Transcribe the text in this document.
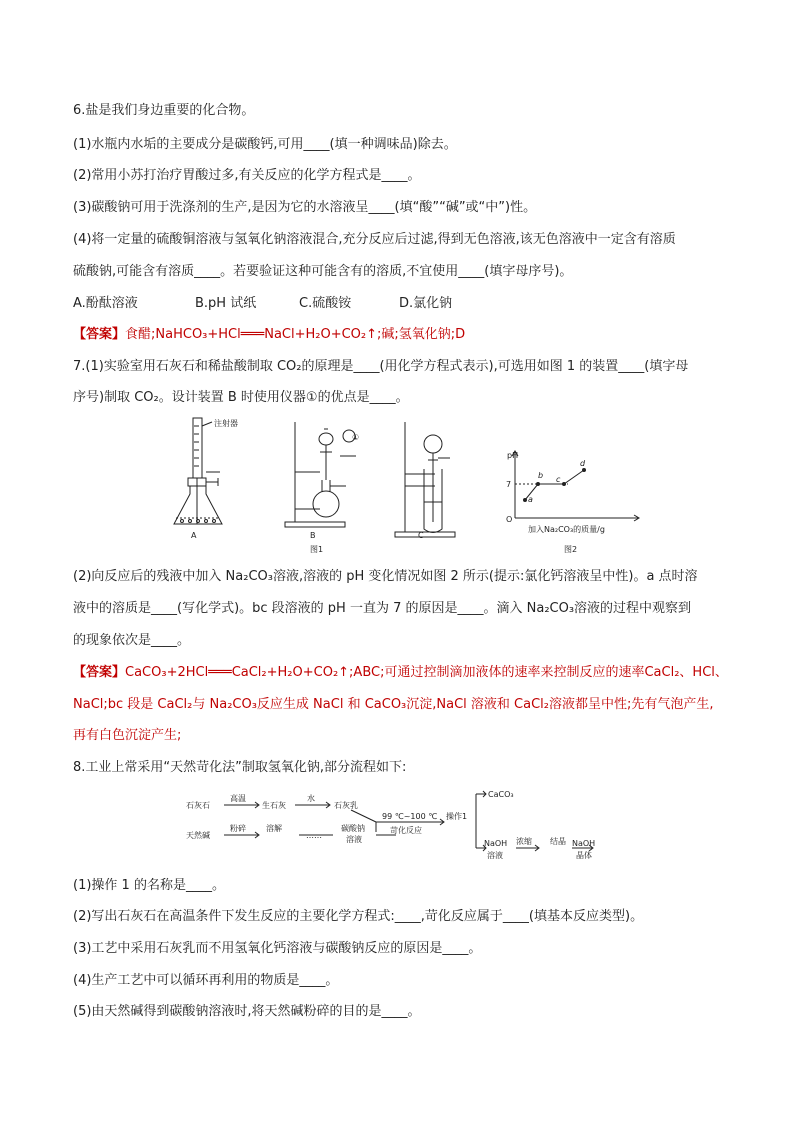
6.盐是我们身边重要的化合物。
(1)水瓶内水垢的主要成分是碳酸钙,可用____(填一种调味品)除去。
(2)常用小苏打治疗胃酸过多,有关反应的化学方程式是____。
(3)碳酸钠可用于洗涤剂的生产,是因为它的水溶液呈____(填“酸”“碱”或“中”)性。
(4)将一定量的硫酸铜溶液与氢氧化钠溶液混合,充分反应后过滤,得到无色溶液,该无色溶液中一定含有溶质
硫酸钠,可能含有溶质____。若要验证这种可能含有的溶质,不宜使用____(填字母序号)。
A.酚酞溶液	B.pH 试纸	C.硫酸铵	D.氯化钠
【答案】食醋;NaHCO₃+HCl═══NaCl+H₂O+CO₂↑;碱;氢氧化钠;D
7.(1)实验室用石灰石和稀盐酸制取 CO₂的原理是____(用化学方程式表示),可选用如图 1 的装置____(填字母
序号)制取 CO₂。设计装置 B 时使用仪器①的优点是____。
注射器
①
A	B	C
图1	图2
pH
7
O
a
b c
d
加入Na₂CO₃的质量/g
(2)向反应后的残液中加入 Na₂CO₃溶液,溶液的 pH 变化情况如图 2 所示(提示:氯化钙溶液呈中性)。a 点时溶
液中的溶质是____(写化学式)。bc 段溶液的 pH 一直为 7 的原因是____。滴入 Na₂CO₃溶液的过程中观察到
的现象依次是____。
【答案】CaCO₃+2HCl═══CaCl₂+H₂O+CO₂↑;ABC;可通过控制滴加液体的速率来控制反应的速率CaCl₂、HCl、
NaCl;bc 段是 CaCl₂与 Na₂CO₃反应生成 NaCl 和 CaCO₃沉淀,NaCl 溶液和 CaCl₂溶液都呈中性;先有气泡产生,
再有白色沉淀产生;
8.工业上常采用“天然苛化法”制取氢氧化钠,部分流程如下:
石灰石
高温
生石灰
水
石灰乳
天然碱
粉碎	溶解
……
碳酸钠
溶液
99 ℃~100 ℃
苛化反应
操作1
CaCO₃
NaOH
溶液
浓缩 结晶 NaOH
晶体
(1)操作 1 的名称是____。
(2)写出石灰石在高温条件下发生反应的主要化学方程式:____,苛化反应属于____(填基本反应类型)。
(3)工艺中采用石灰乳而不用氢氧化钙溶液与碳酸钠反应的原因是____。
(4)生产工艺中可以循环再利用的物质是____。
(5)由天然碱得到碳酸钠溶液时,将天然碱粉碎的目的是____。
